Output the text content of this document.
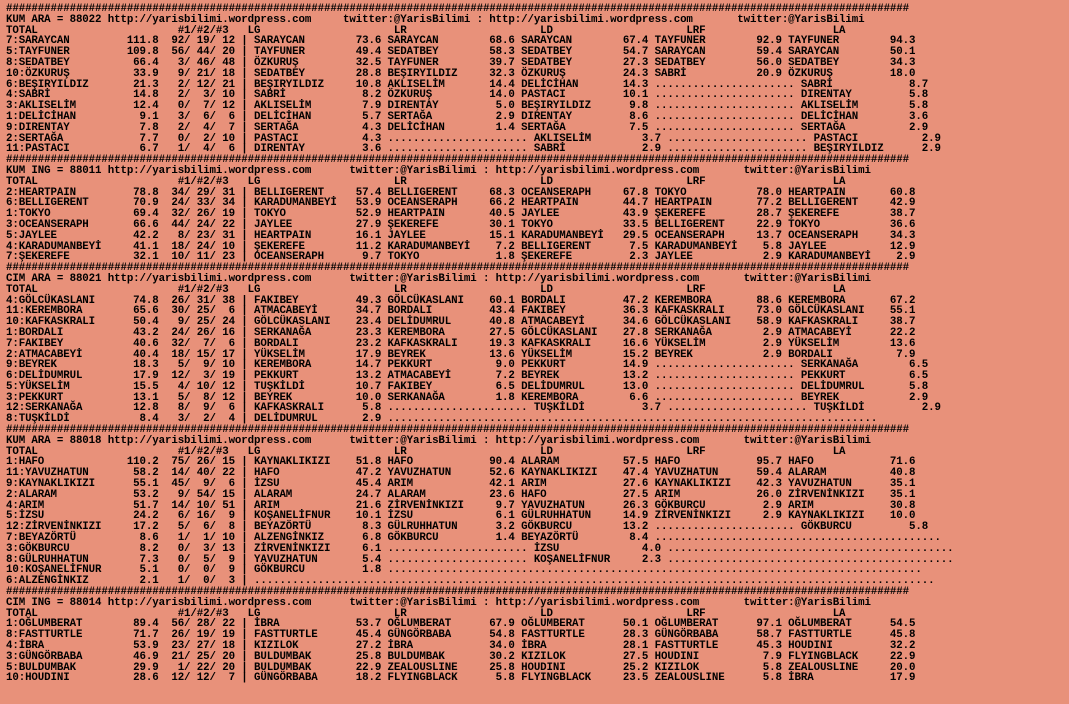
##############################################################################################################################################
KUM ARA = 88022 http://yarisbilimi.wordpress.com     twitter:@YarisBilimi : http://yarisbilimi.wordpress.com       twitter:@YarisBilimi
TOTAL                      #1/#2/#3   LG                     LR                     LD                     LRF                    LA
7:SARAYCAN         111.8  92/ 19/ 12 | SARAYCAN        73.6 SARAYCAN        68.6 SARAYCAN        67.4 TAYFUNER        92.9 TAYFUNER        94.3
5:TAYFUNER         109.8  56/ 44/ 20 | TAYFUNER        49.4 SEDATBEY        58.3 SEDATBEY        54.7 SARAYCAN        59.4 SARAYCAN        50.1
8:SEDATBEY          66.4   3/ 46/ 48 | ÖZKURUŞ         32.5 TAYFUNER        39.7 SEDATBEY        27.3 SEDATBEY        56.0 SEDATBEY        34.3
10:ÖZKURUŞ          33.9   9/ 21/ 18 | SEDATBEY        28.8 BEŞIRYILDIZ     32.3 ÖZKURUŞ         24.3 SABRİ           20.9 ÖZKURUŞ         18.0
6:BEŞIRYILDIZ       21.3   2/ 12/ 21 | BEŞIRYILDIZ     10.8 AKLISELİM       14.4 DELİCİHAN       14.3 ...................... SABRİ            8.7
4:SABRİ             14.8   2/  3/ 10 | SABRİ            8.2 ÖZKURUŞ         14.0 PASTACI         10.1 ...................... DIRENTAY         5.8
3:AKLISELİM         12.4   0/  7/ 12 | AKLISELİM        7.9 DIRENTAY         5.0 BEŞIRYILDIZ      9.8 ...................... AKLISELİM        5.8
1:DELİCİHAN          9.1   3/  6/  6 | DELİCİHAN        5.7 SERTAĞA          2.9 DIRENTAY         8.6 ...................... DELİCİHAN        3.6
9:DIRENTAY           7.8   2/  4/  7 | SERTAĞA          4.3 DELİCİHAN        1.4 SERTAĞA          7.5 ...................... SERTAĞA          2.9
2:SERTAĞA            7.7   0/  2/ 10 | PASTACI          4.3 ...................... AKLISELİM        3.7 ...................... PASTACI          2.9
11:PASTACI           6.7   1/  4/  6 | DIRENTAY         3.6 ...................... SABRİ            2.9 ...................... BEŞIRYILDIZ      2.9
##############################################################################################################################################
KUM ING = 88011 http://yarisbilimi.wordpress.com      twitter:@YarisBilimi : http://yarisbilimi.wordpress.com       twitter:@YarisBilimi
TOTAL                      #1/#2/#3   LG                     LR                     LD                     LRF                    LA
2:HEARTPAIN         78.8  34/ 29/ 31 | BELLIGERENT     57.4 BELLIGERENT     68.3 OCEANSERAPH     67.8 TOKYO           78.0 HEARTPAIN       60.8
6:BELLIGERENT       70.9  24/ 33/ 34 | KARADUMANBEYİ   53.9 OCEANSERAPH     66.2 HEARTPAIN       44.7 HEARTPAIN       77.2 BELLIGERENT     42.9
1:TOKYO             69.4  32/ 26/ 19 | TOKYO           52.9 HEARTPAIN       40.5 JAYLEE          43.9 ŞEKEREFE        28.7 ŞEKEREFE        38.7
3:OCEANSERAPH       66.6  44/ 24/ 22 | JAYLEE          27.9 ŞEKEREFE        30.1 TOKYO           33.5 BELLIGERENT     22.9 TOKYO           36.6
5:JAYLEE            42.2   8/ 23/ 31 | HEARTPAIN       16.1 JAYLEE          15.1 KARADUMANBEYİ   29.5 OCEANSERAPH     13.7 OCEANSERAPH     34.3
4:KARADUMANBEYİ     41.1  18/ 24/ 10 | ŞEKEREFE        11.2 KARADUMANBEYİ    7.2 BELLIGERENT      7.5 KARADUMANBEYİ    5.8 JAYLEE          12.9
7:ŞEKEREFE          32.1  10/ 11/ 23 | OCEANSERAPH      9.7 TOKYO            1.8 ŞEKEREFE         2.3 JAYLEE           2.9 KARADUMANBEYİ    2.9
##############################################################################################################################################
CIM ARA = 88021 http://yarisbilimi.wordpress.com      twitter:@YarisBilimi : http://yarisbilimi.wordpress.com       twitter:@YarisBilimi
TOTAL                      #1/#2/#3   LG                     LR                     LD                     LRF                    LA
4:GÖLCÜKASLANI      74.8  26/ 31/ 38 | FAKIBEY         49.3 GÖLCÜKASLANI    60.1 BORDALI         47.2 KEREMBORA       88.6 KEREMBORA       67.2
11:KEREMBORA        65.6  30/ 25/  6 | ATMACABEYİ      34.7 BORDALI         43.4 FAKIBEY         36.3 KAFKASKRALI     73.0 GÖLCÜKASLANI    55.1
10:KAFKASKRALI      50.4   9/ 25/ 24 | GÖLCÜKASLANI    23.4 DELİDUMRUL      40.8 ATMACABEYİ      34.6 GÖLCÜKASLANI    58.9 KAFKASKRALI     38.7
1:BORDALI           43.2  24/ 26/ 16 | SERKANAĞA       23.3 KEREMBORA       27.5 GÖLCÜKASLANI    27.8 SERKANAĞA        2.9 ATMACABEYİ      22.2
7:FAKIBEY           40.6  32/  7/  6 | BORDALI         23.2 KAFKASKRALI     19.3 KAFKASKRALI     16.6 YÜKSELİM         2.9 YÜKSELİM        13.6
2:ATMACABEYİ        40.4  18/ 15/ 17 | YÜKSELİM        17.9 BEYREK          13.6 YÜKSELİM        15.2 BEYREK           2.9 BORDALI          7.9
9:BEYREK            18.3   5/  9/ 10 | KEREMBORA       14.7 PEKKURT          9.0 PEKKURT         14.9 ...................... SERKANAĞA        6.5
6:DELİDUMRUL        17.9  12/  3/ 19 | PEKKURT         13.2 ATMACABEYİ       7.2 BEYREK          13.2 ...................... PEKKURT          6.5
5:YÜKSELİM          15.5   4/ 10/ 12 | TUŞKİLDİ        10.7 FAKIBEY          6.5 DELİDUMRUL      13.0 ...................... DELİDUMRUL       5.8
3:PEKKURT           13.1   5/  8/ 12 | BEYREK          10.0 SERKANAĞA        1.8 KEREMBORA        6.6 ...................... BEYREK           2.9
12:SERKANAĞA        12.8   8/  9/  6 | KAFKASKRALI      5.8 ...................... TUŞKİLDİ         3.7 ...................... TUŞKİLDİ         2.9
8:TUŞKİLDİ           8.4   3/  2/  4 | DELİDUMRUL       2.9 .............................................................................
##############################################################################################################################################
KUM ARA = 88018 http://yarisbilimi.wordpress.com      twitter:@YarisBilimi : http://yarisbilimi.wordpress.com       twitter:@YarisBilimi
TOTAL                      #1/#2/#3   LG                     LR                     LD                     LRF                    LA
1:HAFO             110.2  75/ 26/ 15 | KAYNAKLIKIZI    51.8 HAFO            90.4 ALARAM          57.5 HAFO            95.7 HAFO            71.6
11:YAVUZHATUN       58.2  14/ 40/ 22 | HAFO            47.2 YAVUZHATUN      52.6 KAYNAKLIKIZI    47.4 YAVUZHATUN      59.4 ALARAM          40.8
9:KAYNAKLIKIZI      55.1  45/  9/  6 | İZSU            45.4 ARIM            42.1 ARIM            27.6 KAYNAKLIKIZI    42.3 YAVUZHATUN      35.1
2:ALARAM            53.2   9/ 54/ 15 | ALARAM          24.7 ALARAM          23.6 HAFO            27.5 ARIM            26.0 ZİRVENİNKIZI    35.1
4:ARIM              51.7  14/ 10/ 51 | ARIM            21.6 ZİRVENİNKIZI     9.7 YAVUZHATUN      26.3 GÖKBURCU         2.9 ARIM            30.8
5:İZSU              24.2   6/ 16/  9 | KOŞANELİFNUR    10.1 İZSU             6.1 GÜLRUHHATUN     14.9 ZİRVENİNKIZI     2.9 KAYNAKLIKIZI    10.0
12:ZİRVENİNKIZI     17.2   5/  6/  8 | BEYAZÖRTÜ        8.3 GÜLRUHHATUN      3.2 GÖKBURCU        13.2 ...................... GÖKBURCU         5.8
7:BEYAZÖRTÜ          8.6   1/  1/ 10 | ALZENGİNKIZ      6.8 GÖKBURCU         1.4 BEYAZÖRTÜ        8.4 .............................................
3:GÖKBURCU           8.2   0/  3/ 13 | ZİRVENİNKIZI     6.1 ...................... İZSU             4.0 .............................................
8:GÜLRUHHATUN        7.3   0/  5/  9 | YAVUZHATUN       5.4 ...................... KOŞANELİFNUR     2.3 .............................................
10:KOŞANELİFNUR      5.1   0/  0/  9 | GÖKBURCU         1.8 ....................................................................................
6:ALZENGİNKIZ        2.1   1/  0/  3 | ...........................................................................................................
##############################################################################################################################################
CIM ING = 88014 http://yarisbilimi.wordpress.com      twitter:@YarisBilimi : http://yarisbilimi.wordpress.com       twitter:@YarisBilimi
TOTAL                      #1/#2/#3   LG                     LR                     LD                     LRF                    LA
1:OĞLUMBERAT        89.4  56/ 28/ 22 | İBRA            53.7 OĞLUMBERAT      67.9 OĞLUMBERAT      50.1 OĞLUMBERAT      97.1 OĞLUMBERAT      54.5
8:FASTTURTLE        71.7  26/ 19/ 19 | FASTTURTLE      45.4 GÜNGÖRBABA      54.8 FASTTURTLE      28.3 GÜNGÖRBABA      58.7 FASTTURTLE      45.8
4:İBRA              53.9  23/ 27/ 18 | KIZILOK         27.2 İBRA            34.0 İBRA            28.1 FASTTURTLE      45.3 HOUDINI         32.2
3:GÜNGÖRBABA        46.9  21/ 25/ 20 | BULDUMBAK       25.8 BULDUMBAK       30.2 KIZILOK         27.5 HOUDINI          7.9 FLYINGBLACK     22.9
5:BULDUMBAK         29.9   1/ 22/ 20 | BULDUMBAK       22.9 ZEALOUSLINE     25.8 HOUDINI         25.2 KIZILOK          5.8 ZEALOUSLINE     20.0
10:HOUDINI          28.6  12/ 12/  7 | GÜNGÖRBABA      18.2 FLYINGBLACK      5.8 FLYINGBLACK     23.5 ZEALOUSLINE      5.8 İBRA            17.9
